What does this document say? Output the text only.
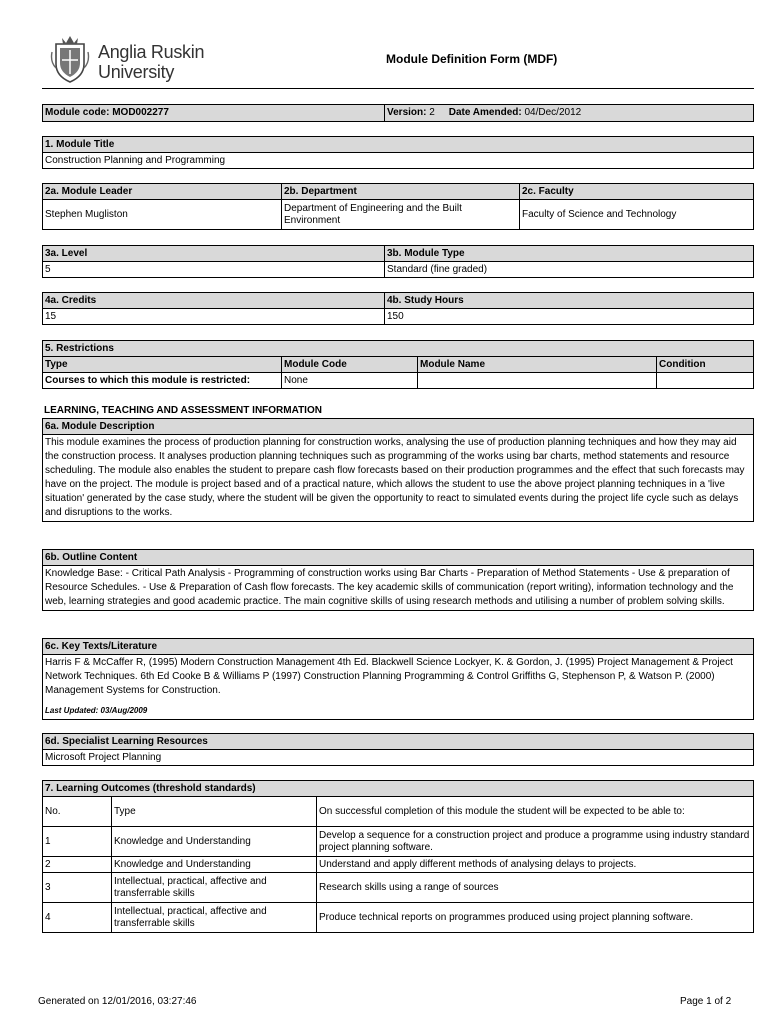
Anglia Ruskin
University
Module Definition Form (MDF)
Module code: MOD002277	Version: 2 Date Amended: 04/Dec/2012
1. Module Title
Construction Planning and Programming
2a. Module Leader	2b. Department	2c. Faculty
Stephen Mugliston	Department of Engineering and the Built Environment	Faculty of Science and Technology
3a. Level	3b. Module Type
5	Standard (fine graded)
4a. Credits	4b. Study Hours
15	150
5. Restrictions			
Type	Module Code	Module Name	Condition
Courses to which this module is restricted:	None		
LEARNING, TEACHING AND ASSESSMENT INFORMATION
6a. Module Description
This module examines the process of production planning for construction works, analysing the use of production planning techniques and how they may aid the construction process. It analyses production planning techniques such as programming of the works using bar charts, method statements and resource scheduling. The module also enables the student to prepare cash flow forecasts based on their production programmes and the effect that such forecasts may have on the project. The module is project based and of a practical nature, which allows the student to use the above project planning techniques in a 'live situation' generated by the case study, where the student will be given the opportunity to react to simulated events during the project life cycle such as delays and disruptions to the works.
6b. Outline Content
Knowledge Base: - Critical Path Analysis - Programming of construction works using Bar Charts - Preparation of Method Statements - Use & preparation of Resource Schedules. - Use & Preparation of Cash flow forecasts. The key academic skills of communication (report writing), information technology and the web, learning strategies and good academic practice. The main cognitive skills of using research methods and utilising a number of problem solving skills.
6c. Key Texts/Literature
Harris F & McCaffer R, (1995) Modern Construction Management 4th Ed. Blackwell Science Lockyer, K. & Gordon, J. (1995) Project Management & Project Network Techniques. 6th Ed Cooke B & Williams P (1997) Construction Planning Programming & Control Griffiths G, Stephenson P, & Watson P. (2000) Management Systems for Construction.
Last Updated: 03/Aug/2009
6d. Specialist Learning Resources
Microsoft Project Planning
7. Learning Outcomes (threshold standards)		
No.	Type	On successful completion of this module the student will be expected to be able to:
1	Knowledge and Understanding	Develop a sequence for a construction project and produce a programme using industry standard project planning software.
2	Knowledge and Understanding	Understand and apply different methods of analysing delays to projects.
3	Intellectual, practical, affective and transferrable skills	Research skills using a range of sources
4	Intellectual, practical, affective and transferrable skills	Produce technical reports on programmes produced using project planning software.
Generated on 12/01/2016, 03:27:46	Page 1 of 2
